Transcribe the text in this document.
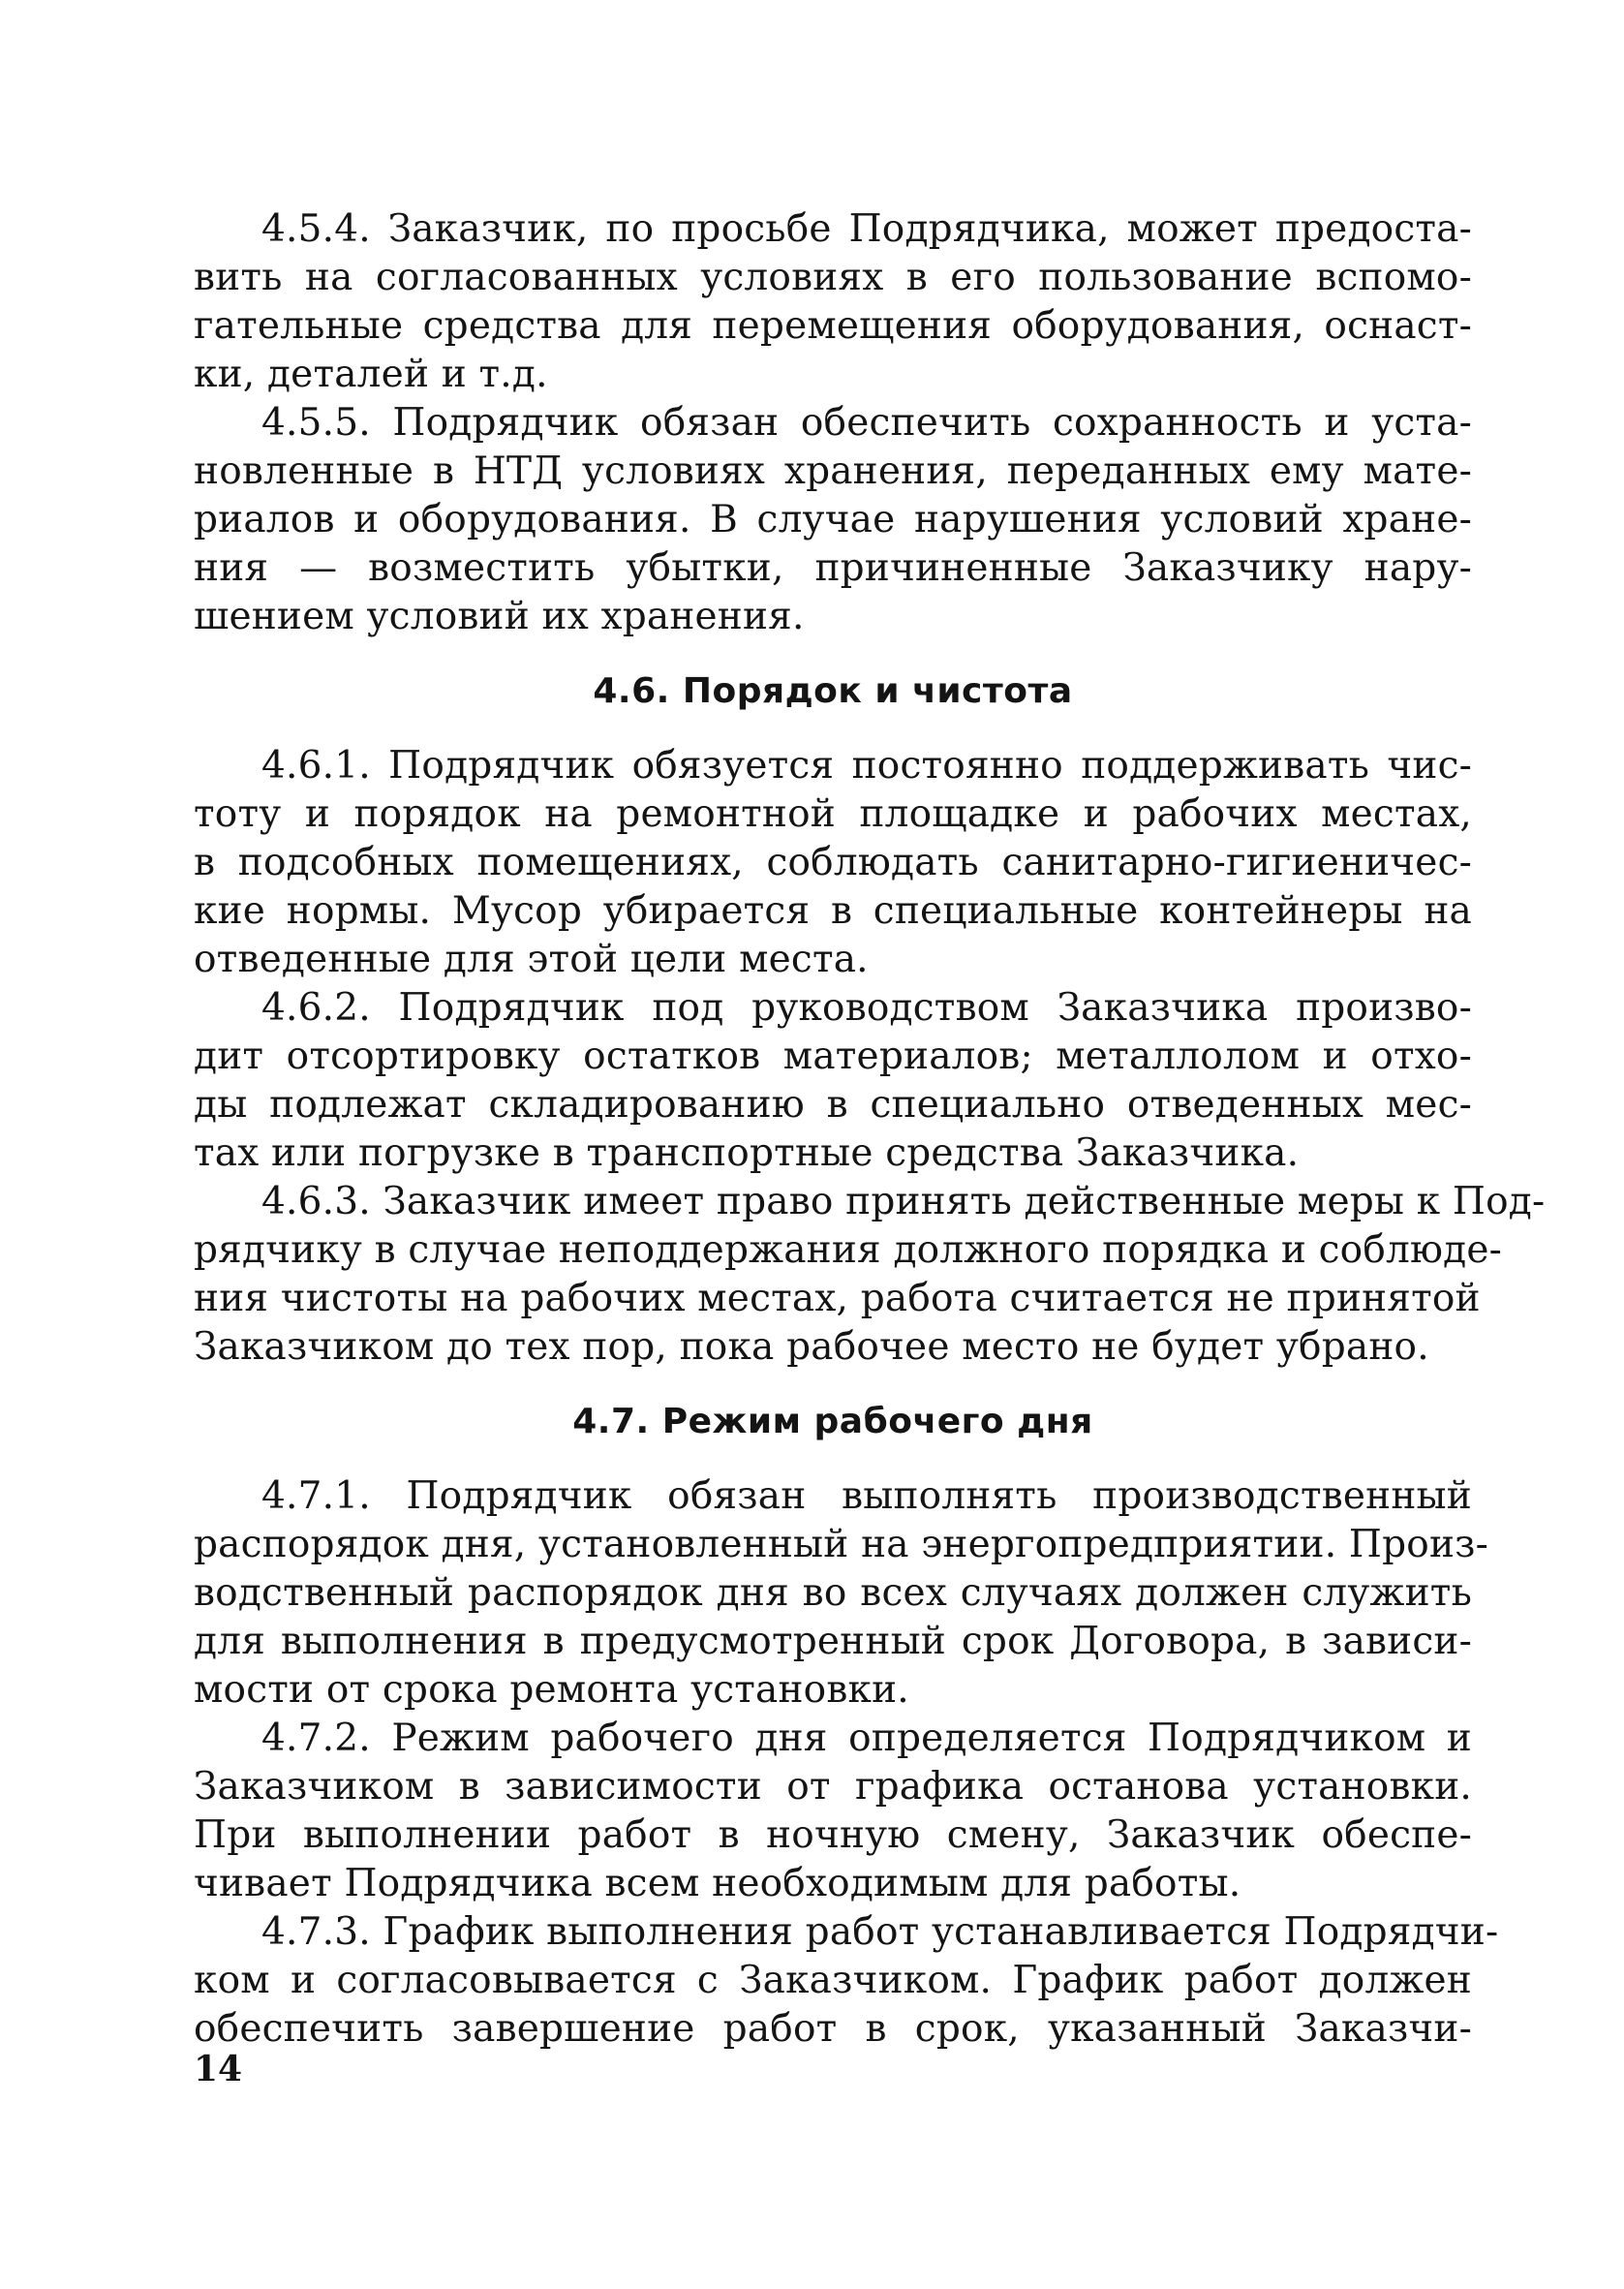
4.5.4. Заказчик, по просьбе Подрядчика, может предоста-
вить на согласованных условиях в его пользование вспомо-
гательные средства для перемещения оборудования, оснаст-
ки, деталей и т.д.
4.5.5. Подрядчик обязан обеспечить сохранность и уста-
новленные в НТД условиях хранения, переданных ему мате-
риалов и оборудования. В случае нарушения условий хране-
ния — возместить убытки, причиненные Заказчику нару-
шением условий их хранения.
4.6. Порядок и чистота
4.6.1. Подрядчик обязуется постоянно поддерживать чис-
тоту и порядок на ремонтной площадке и рабочих местах,
в подсобных помещениях, соблюдать санитарно-гигиеничес-
кие нормы. Мусор убирается в специальные контейнеры на
отведенные для этой цели места.
4.6.2. Подрядчик под руководством Заказчика произво-
дит отсортировку остатков материалов; металлолом и отхо-
ды подлежат складированию в специально отведенных мес-
тах или погрузке в транспортные средства Заказчика.
4.6.3. Заказчик имеет право принять действенные меры к Под-
рядчику в случае неподдержания должного порядка и соблюде-
ния чистоты на рабочих местах, работа считается не принятой
Заказчиком до тех пор, пока рабочее место не будет убрано.
4.7. Режим рабочего дня
4.7.1. Подрядчик обязан выполнять производственный
распорядок дня, установленный на энергопредприятии. Произ-
водственный распорядок дня во всех случаях должен служить
для выполнения в предусмотренный срок Договора, в зависи-
мости от срока ремонта установки.
4.7.2. Режим рабочего дня определяется Подрядчиком и
Заказчиком в зависимости от графика останова установки.
При выполнении работ в ночную смену, Заказчик обеспе-
чивает Подрядчика всем необходимым для работы.
4.7.3. График выполнения работ устанавливается Подрядчи-
ком и согласовывается с Заказчиком. График работ должен
обеспечить завершение работ в срок, указанный Заказчи-
14
